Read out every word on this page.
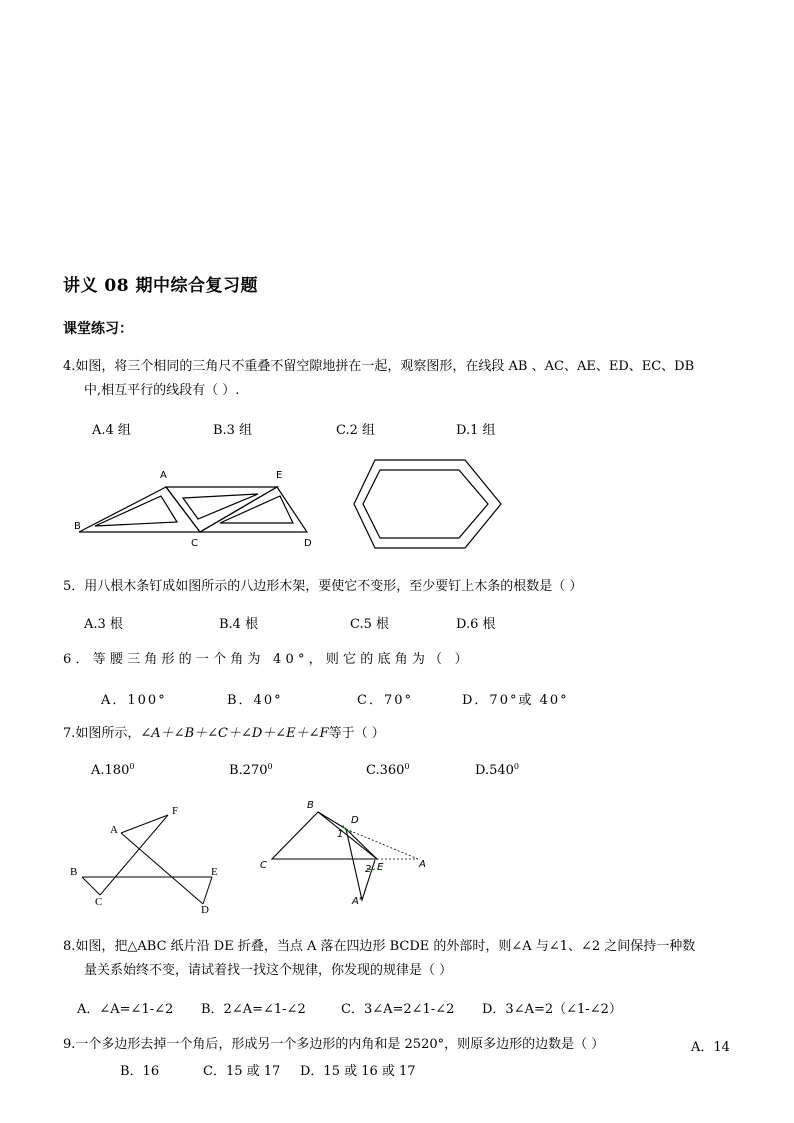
讲义 08 期中综合复习题
课堂练习：
4.如图，将三个相同的三角尺不重叠不留空隙地拼在一起，观察图形，在线段 AB 、AC、AE、ED、EC、DB
中,相互平行的线段有（ ）.
A.4 组	B.3 组	C.2 组	D.1 组
A	E
B
C	D
5．用八根木条钉成如图所示的八边形木架，要使它不变形，至少要钉上木条的根数是（ ）
A.3 根	B.4 根	C.5 根	D.6 根
6．等腰三角形的一个角为 40°，则它的底角为（ ）
A．100°	B．40°	C．70°	D．70°或 40°
7.如图所示，∠A＋∠B＋∠C＋∠D＋∠E＋∠F等于（ ）
A.180$^0$	B.270$^0$	C.360$^0$	D.540$^0$
F
A
B	E
C
D
B
D
1
C	2 E	A
A'
8.如图，把△ABC 纸片沿 DE 折叠，当点 A 落在四边形 BCDE 的外部时，则∠A 与∠1、∠2 之间保持一种数
量关系始终不变，请试着找一找这个规律，你发现的规律是（ ）
A．∠A=∠1-∠2 B．2∠A=∠1-∠2	C．3∠A=2∠1-∠2 D．3∠A=2（∠1-∠2）
9.一个多边形去掉一个角后，形成另一个多边形的内角和是 2520°，则原多边形的边数是（ ）	A．14
B．16	C．15 或 17 D．15 或 16 或 17
